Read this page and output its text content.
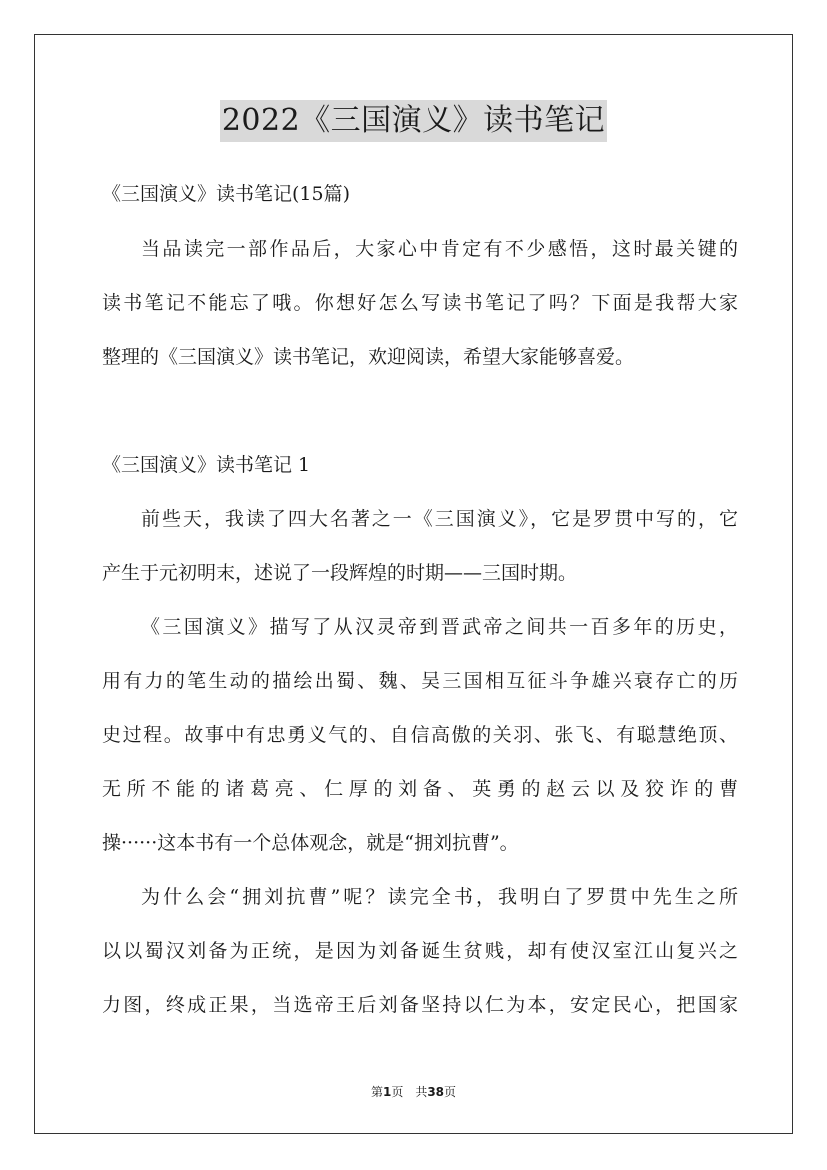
2022《三国演义》读书笔记

《三国演义》读书笔记(15篇)

当品读完一部作品后，大家心中肯定有不少感悟，这时最关键的

读书笔记不能忘了哦。你想好怎么写读书笔记了吗？下面是我帮大家

整理的《三国演义》读书笔记，欢迎阅读，希望大家能够喜爱。

《三国演义》读书笔记 1

前些天，我读了四大名著之一《三国演义》，它是罗贯中写的，它

产生于元初明末，述说了一段辉煌的时期——三国时期。

《三国演义》描写了从汉灵帝到晋武帝之间共一百多年的历史，

用有力的笔生动的描绘出蜀、魏、吴三国相互征斗争雄兴衰存亡的历

史过程。故事中有忠勇义气的、自信高傲的关羽、张飞、有聪慧绝顶、

无所不能的诸葛亮、仁厚的刘备、英勇的赵云以及狡诈的曹

操······这本书有一个总体观念，就是“拥刘抗曹”。

为什么会“拥刘抗曹”呢？读完全书，我明白了罗贯中先生之所

以以蜀汉刘备为正统，是因为刘备诞生贫贱，却有使汉室江山复兴之

力图，终成正果，当选帝王后刘备坚持以仁为本，安定民心，把国家

第1页　共38页
